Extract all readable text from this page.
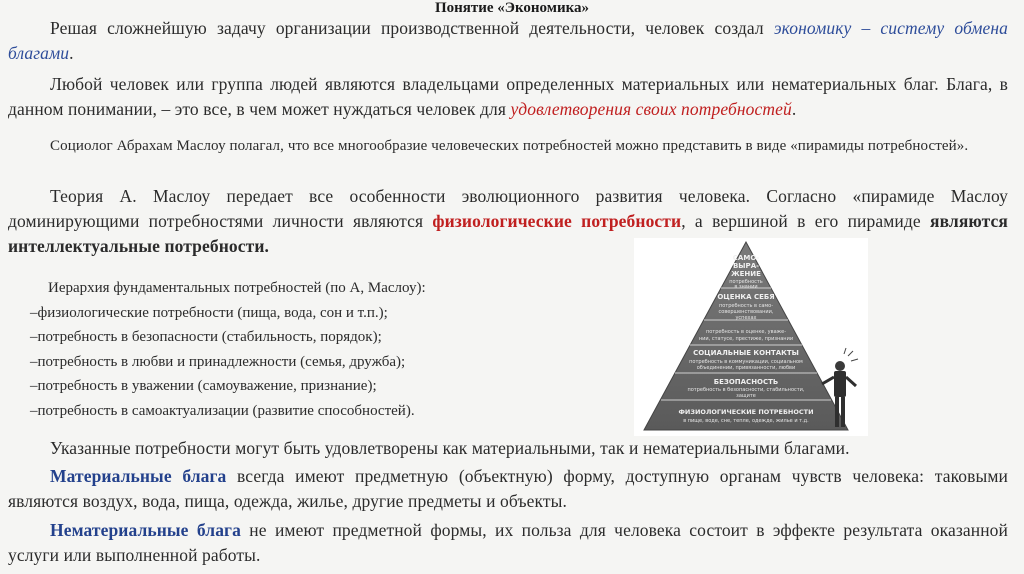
Понятие «Экономика»

Решая сложнейшую задачу организации производственной деятельности, человек создал экономику – систему обмена благами.

Любой человек или группа людей являются владельцами определенных материальных или нематериальных благ. Блага, в данном понимании, – это все, в чем может нуждаться человек для удовлетворения своих потребностей.

Социолог Абрахам Маслоу полагал, что все многообразие человеческих потребностей можно представить в виде «пирамиды потребностей».

Теория А. Маслоу передает все особенности эволюционного развития человека. Согласно «пирамиде Маслоу доминирующими потребностями личности являются физиологические потребности, а вершиной в его пирамиде являются интеллектуальные потребности.

Иерархия фундаментальных потребностей (по А, Маслоу):
–физиологические потребности (пища, вода, сон и т.п.);
–потребность в безопасности (стабильность, порядок);
–потребность в любви и принадлежности (семья, дружба);
–потребность в уважении (самоуважение, признание);
–потребность в самоактуализации (развитие способностей).
САМО-
ВЫРА-
ЖЕНИЕ
потребность
в знании
ОЦЕНКА СЕБЯ
потребность в само-
совершенствовании,
успехах
потребность в оценке, уваже-
нии, статусе, престиже, признании
СОЦИАЛЬНЫЕ КОНТАКТЫ
потребность в коммуникации, социальном
объединении, привязанности, любви
БЕЗОПАСНОСТЬ
потребность в безопасности, стабильности,
защите
ФИЗИОЛОГИЧЕСКИЕ ПОТРЕБНОСТИ
в пище, воде, сне, тепле, одежде, жилье и т.д.

Указанные потребности могут быть удовлетворены как материальными, так и нематериальными благами.

Материальные блага всегда имеют предметную (объектную) форму, доступную органам чувств человека: таковыми являются воздух, вода, пища, одежда, жилье, другие предметы и объекты.

Нематериальные блага не имеют предметной формы, их польза для человека состоит в эффекте результата оказанной услуги или выполненной работы.
